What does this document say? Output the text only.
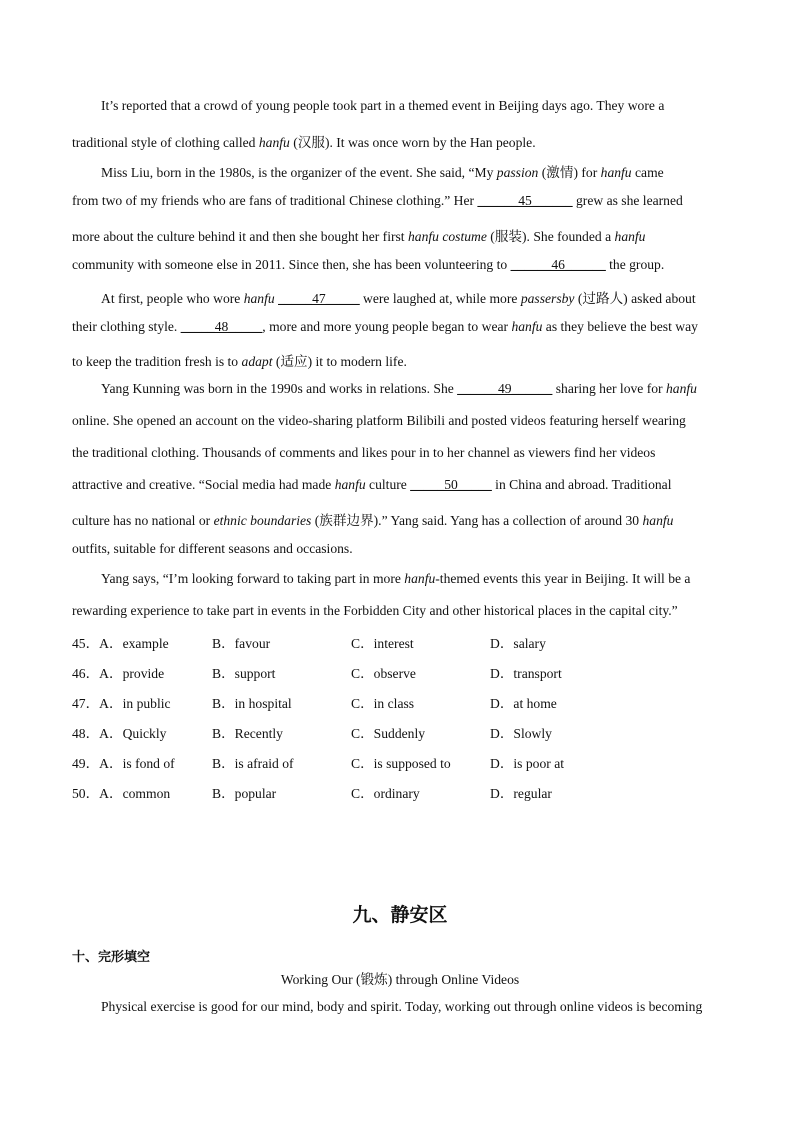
It’s reported that a crowd of young people took part in a themed event in Beijing days ago. They wore a
traditional style of clothing called hanfu (汉服). It was once worn by the Han people.
Miss Liu, born in the 1980s, is the organizer of the event. She said, “My passion (激情) for hanfu came
from two of my friends who are fans of traditional Chinese clothing.” Her ______45______ grew as she learned
more about the culture behind it and then she bought her first hanfu costume (服装). She founded a hanfu
community with someone else in 2011. Since then, she has been volunteering to ______46______ the group.
At first, people who wore hanfu _____47_____ were laughed at, while more passersby (过路人) asked about
their clothing style. _____48_____, more and more young people began to wear hanfu as they believe the best way
to keep the tradition fresh is to adapt (适应) it to modern life.
Yang Kunning was born in the 1990s and works in relations. She ______49______ sharing her love for hanfu
online. She opened an account on the video-sharing platform Bilibili and posted videos featuring herself wearing
the traditional clothing. Thousands of comments and likes pour in to her channel as viewers find her videos
attractive and creative. “Social media had made hanfu culture _____50_____ in China and abroad. Traditional
culture has no national or ethnic boundaries (族群边界).” Yang said. Yang has a collection of around 30 hanfu
outfits, suitable for different seasons and occasions.
Yang says, “I’m looking forward to taking part in more hanfu-themed events this year in Beijing. It will be a
rewarding experience to take part in events in the Forbidden City and other historical places in the capital city.”
45．A．example	B．favour	C．interest	D．salary
46．A．provide	B．support	C．observe	D．transport
47．A．in public	B．in hospital	C．in class	D．at home
48．A．Quickly	B．Recently	C．Suddenly	D．Slowly
49．A．is fond of	B．is afraid of	C．is supposed to	D．is poor at
50．A．common	B．popular	C．ordinary	D．regular
九、静安区
十、完形填空
Working Our (锻炼) through Online Videos
Physical exercise is good for our mind, body and spirit. Today, working out through online videos is becoming
